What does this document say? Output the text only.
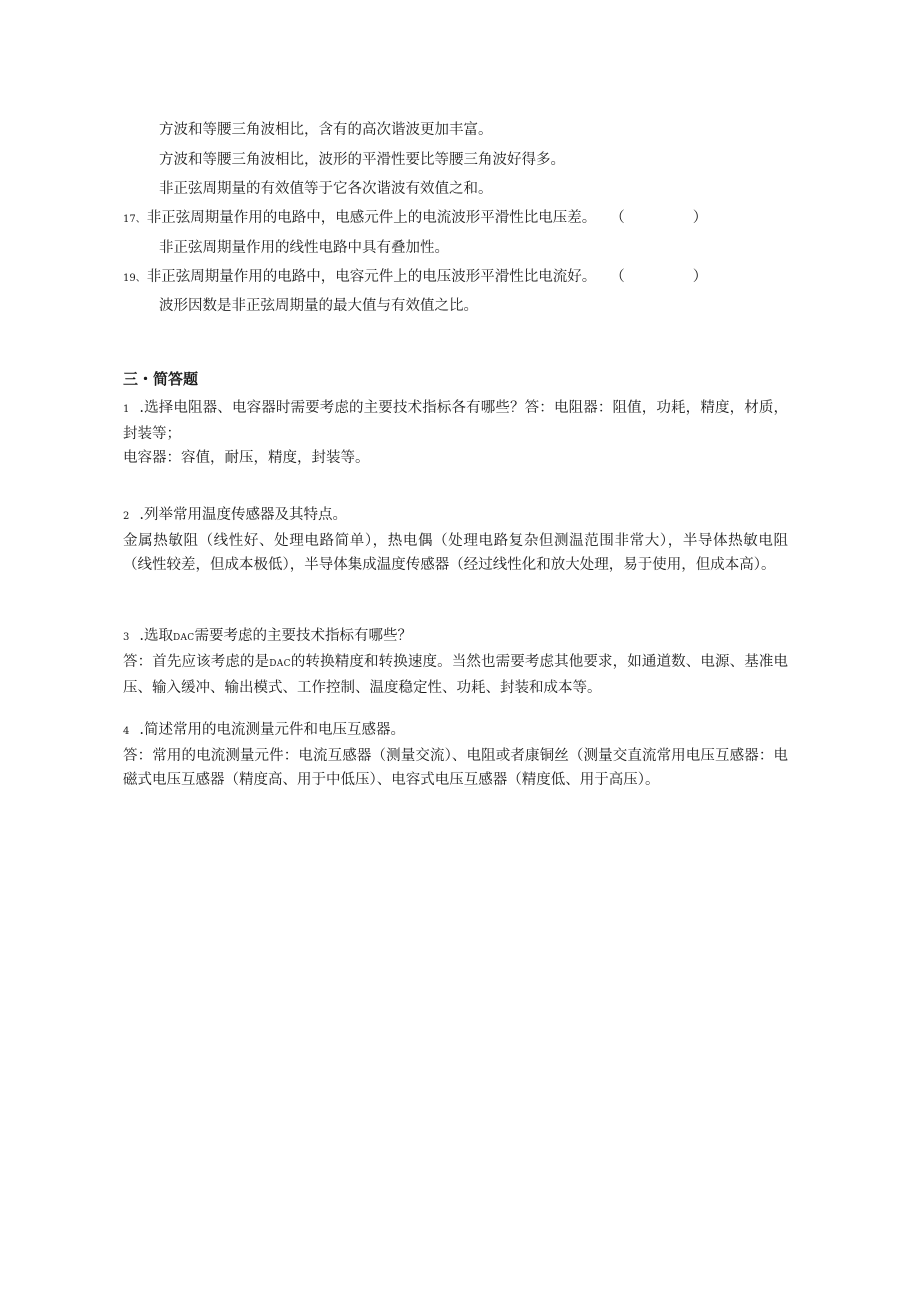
方波和等腰三角波相比，含有的高次谐波更加丰富。
方波和等腰三角波相比，波形的平滑性要比等腰三角波好得多。
非正弦周期量的有效值等于它各次谐波有效值之和。
17、非正弦周期量作用的电路中，电感元件上的电流波形平滑性比电压差。 （	）
非正弦周期量作用的线性电路中具有叠加性。
19、非正弦周期量作用的电路中，电容元件上的电压波形平滑性比电流好。 （	）
波形因数是非正弦周期量的最大值与有效值之比。
三・简答题
1 .选择电阻器、电容器时需要考虑的主要技术指标各有哪些？答：电阻器：阻值，功耗，精度，材质，封装等；
电容器：容值，耐压，精度，封装等。
2 .列举常用温度传感器及其特点。
金属热敏阻（线性好、处理电路简单），热电偶（处理电路复杂但测温范围非常大），半导体热敏电阻（线性较差，但成本极低），半导体集成温度传感器（经过线性化和放大处理，易于使用，但成本高）。
3 .选取DAC需要考虑的主要技术指标有哪些？
答：首先应该考虑的是DAC的转换精度和转换速度。当然也需要考虑其他要求，如通道数、电源、基准电压、输入缓冲、输出模式、工作控制、温度稳定性、功耗、封装和成本等。
4 .简述常用的电流测量元件和电压互感器。
答：常用的电流测量元件：电流互感器（测量交流）、电阻或者康铜丝（测量交直流常用电压互感器：电磁式电压互感器（精度高、用于中低压）、电容式电压互感器（精度低、用于高压）。
